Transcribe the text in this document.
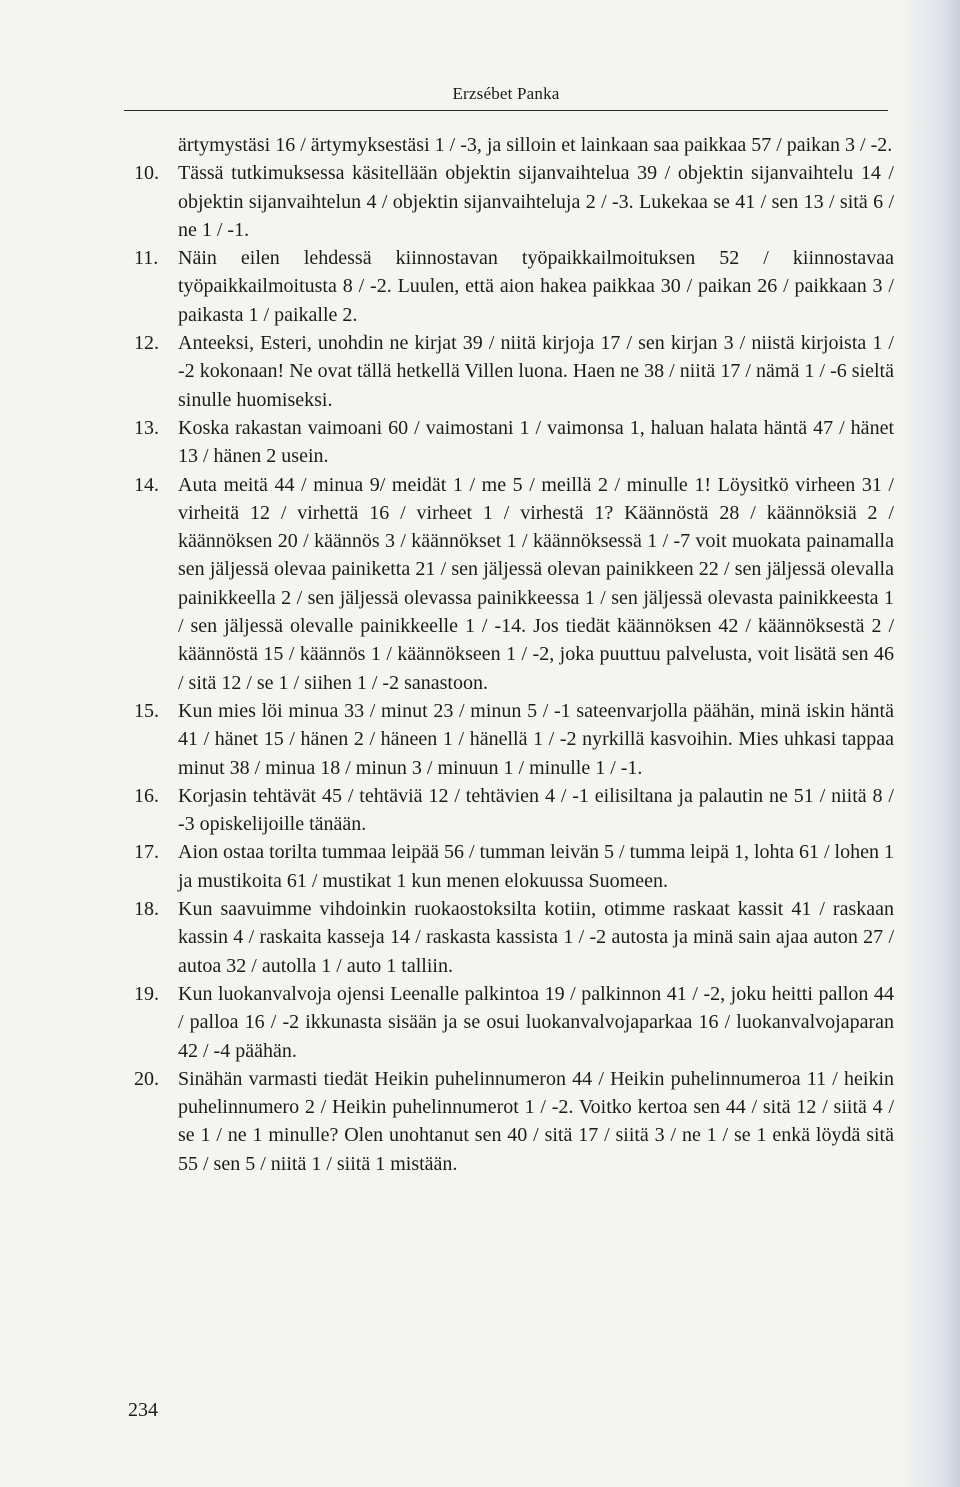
Erzsébet Panka
ärtymystäsi 16 / ärtymyksestäsi 1 / -3, ja silloin et lainkaan saa paikkaa 57 / paikan 3 / -2.
10. Tässä tutkimuksessa käsitellään objektin sijanvaihtelua 39 / objektin sijanvaihtelu 14 / objektin sijanvaihtelun 4 / objektin sijanvaihteluja 2 / -3. Lukekaa se 41 / sen 13 / sitä 6 / ne 1 / -1.
11. Näin eilen lehdessä kiinnostavan työpaikkailmoituksen 52 / kiinnostavaa työpaikkailmoitusta 8 / -2. Luulen, että aion hakea paikkaa 30 / paikan 26 / paikkaan 3 / paikasta 1 / paikalle 2.
12. Anteeksi, Esteri, unohdin ne kirjat 39 / niitä kirjoja 17 / sen kirjan 3 / niistä kirjoista 1 / -2 kokonaan! Ne ovat tällä hetkellä Villen luona. Haen ne 38 / niitä 17 / nämä 1 / -6 sieltä sinulle huomiseksi.
13. Koska rakastan vaimoani 60 / vaimostani 1 / vaimonsa 1, haluan halata häntä 47 / hänet 13 / hänen 2 usein.
14. Auta meitä 44 / minua 9/ meidät 1 / me 5 / meillä 2 / minulle 1! Löysitkö virheen 31 / virheitä 12 / virhettä 16 / virheet 1 / virhestä 1? Käännöstä 28 / käännöksiä 2 / käännöksen 20 / käännös 3 / käännökset 1 / käännöksessä 1 / -7 voit muokata painamalla sen jäljessä olevaa painiketta 21 / sen jäljessä olevan painikkeen 22 / sen jäljessä olevalla painikkeella 2 / sen jäljessä olevassa painikkeessa 1 / sen jäljessä olevasta painikkeesta 1 / sen jäljessä olevalle painikkeelle 1 / -14. Jos tiedät käännöksen 42 / käännöksestä 2 / käännöstä 15 / käännös 1 / käännökseen 1 / -2, joka puuttuu palvelusta, voit lisätä sen 46 / sitä 12 / se 1 / siihen 1 / -2 sanastoon.
15. Kun mies löi minua 33 / minut 23 / minun 5 / -1 sateenvarjolla päähän, minä iskin häntä 41 / hänet 15 / hänen 2 / häneen 1 / hänellä 1 / -2 nyrkillä kasvoihin. Mies uhkasi tappaa minut 38 / minua 18 / minun 3 / minuun 1 / minulle 1 / -1.
16. Korjasin tehtävät 45 / tehtäviä 12 / tehtävien 4 / -1 eilisiltana ja palautin ne 51 / niitä 8 / -3 opiskelijoille tänään.
17. Aion ostaa torilta tummaa leipää 56 / tumman leivän 5 / tumma leipä 1, lohta 61 / lohen 1 ja mustikoita 61 / mustikat 1 kun menen elokuussa Suomeen.
18. Kun saavuimme vihdoinkin ruokaostoksilta kotiin, otimme raskaat kassit 41 / raskaan kassin 4 / raskaita kasseja 14 / raskasta kassista 1 / -2 autosta ja minä sain ajaa auton 27 / autoa 32 / autolla 1 / auto 1 talliin.
19. Kun luokanvalvoja ojensi Leenalle palkintoa 19 / palkinnon 41 / -2, joku heitti pallon 44 / palloa 16 / -2 ikkunasta sisään ja se osui luokanvalvojaparkaa 16 / luokanvalvojaparan 42 / -4 päähän.
20. Sinähän varmasti tiedät Heikin puhelinnumeron 44 / Heikin puhelinnumeroa 11 / heikin puhelinnumero 2 / Heikin puhelinnumerot 1 / -2. Voitko kertoa sen 44 / sitä 12 / siitä 4 / se 1 / ne 1 minulle? Olen unohtanut sen 40 / sitä 17 / siitä 3 / ne 1 / se 1 enkä löydä sitä 55 / sen 5 / niitä 1 / siitä 1 mistään.
234
